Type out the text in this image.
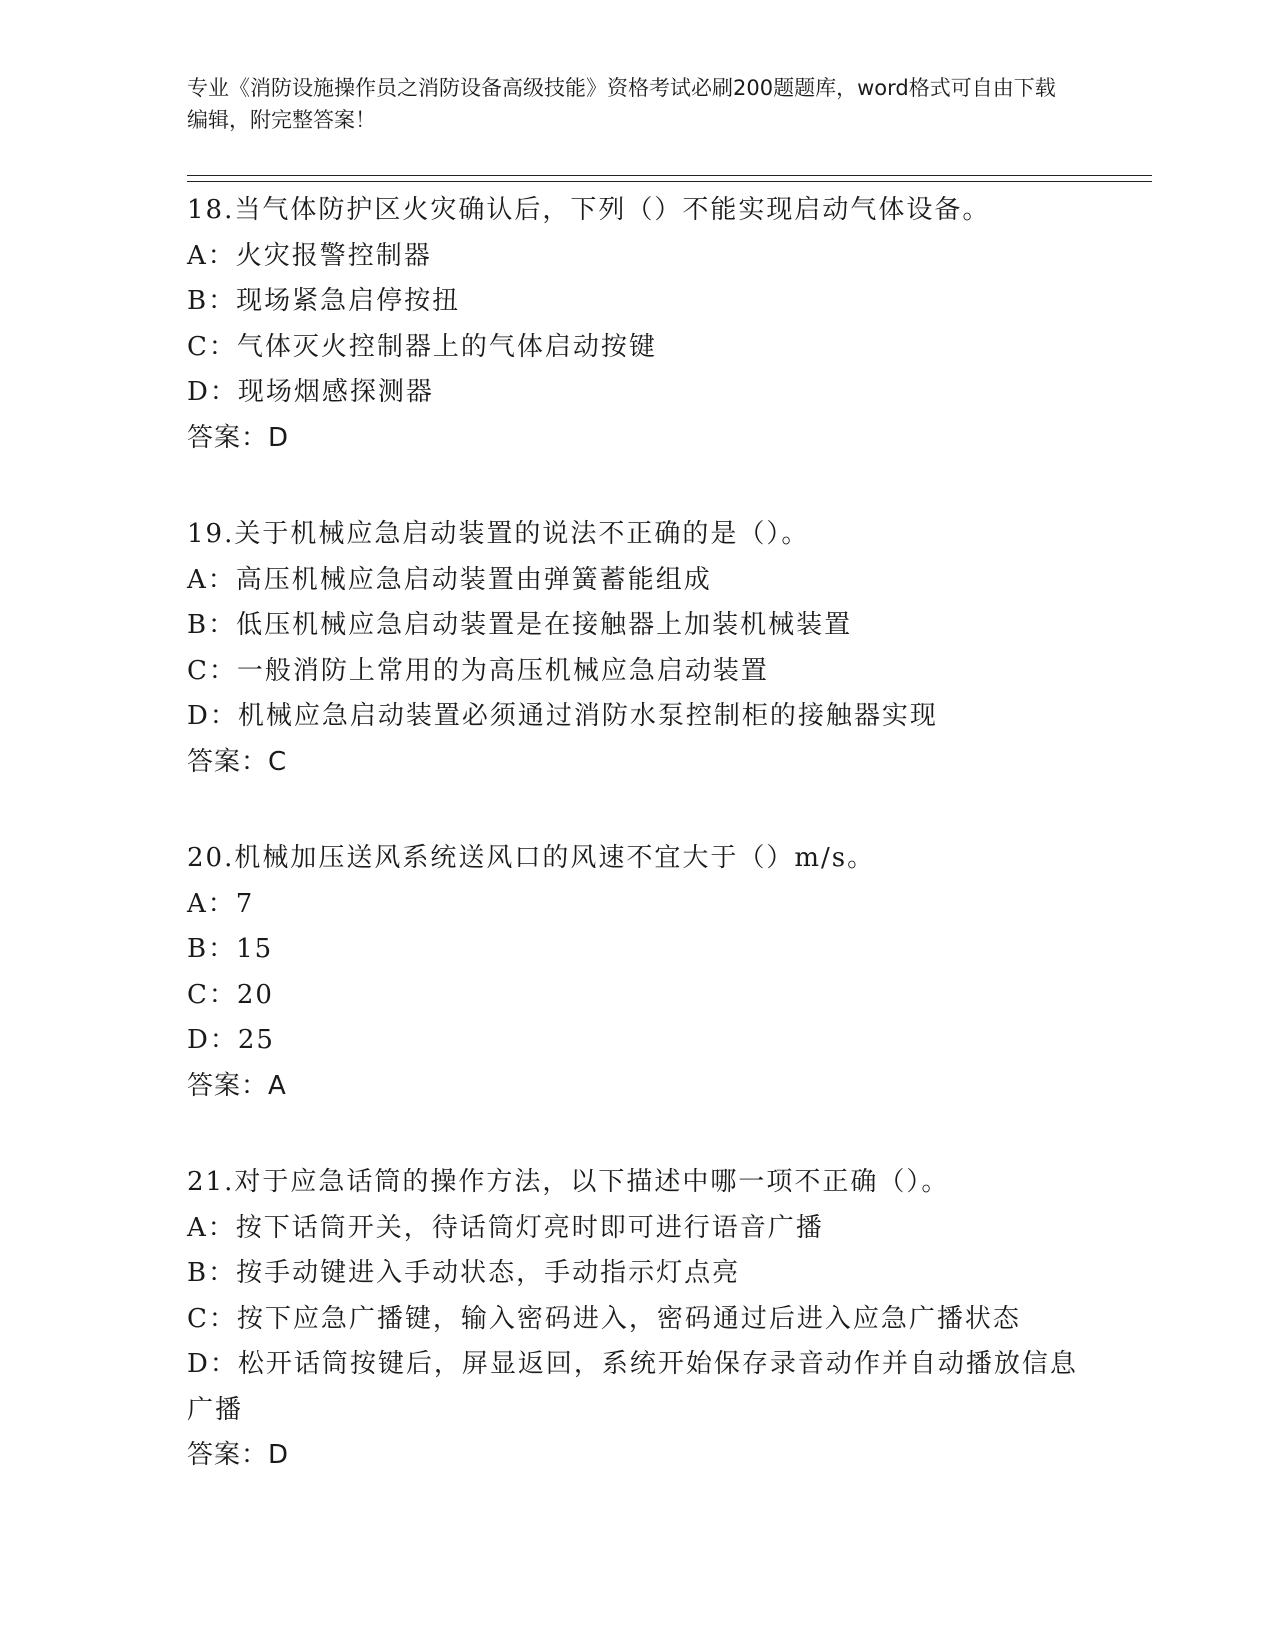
专业《消防设施操作员之消防设备高级技能》资格考试必刷200题题库，word格式可自由下载编辑，附完整答案！
18.当气体防护区火灾确认后，下列（）不能实现启动气体设备。
A：火灾报警控制器
B：现场紧急启停按扭
C：气体灭火控制器上的气体启动按键
D：现场烟感探测器
答案：D
19.关于机械应急启动装置的说法不正确的是（）。
A：高压机械应急启动装置由弹簧蓄能组成
B：低压机械应急启动装置是在接触器上加装机械装置
C：一般消防上常用的为高压机械应急启动装置
D：机械应急启动装置必须通过消防水泵控制柜的接触器实现
答案：C
20.机械加压送风系统送风口的风速不宜大于（）m/s。
A：7
B：15
C：20
D：25
答案：A
21.对于应急话筒的操作方法，以下描述中哪一项不正确（）。
A：按下话筒开关，待话筒灯亮时即可进行语音广播
B：按手动键进入手动状态，手动指示灯点亮
C：按下应急广播键，输入密码进入，密码通过后进入应急广播状态
D：松开话筒按键后，屏显返回，系统开始保存录音动作并自动播放信息广播
答案：D
